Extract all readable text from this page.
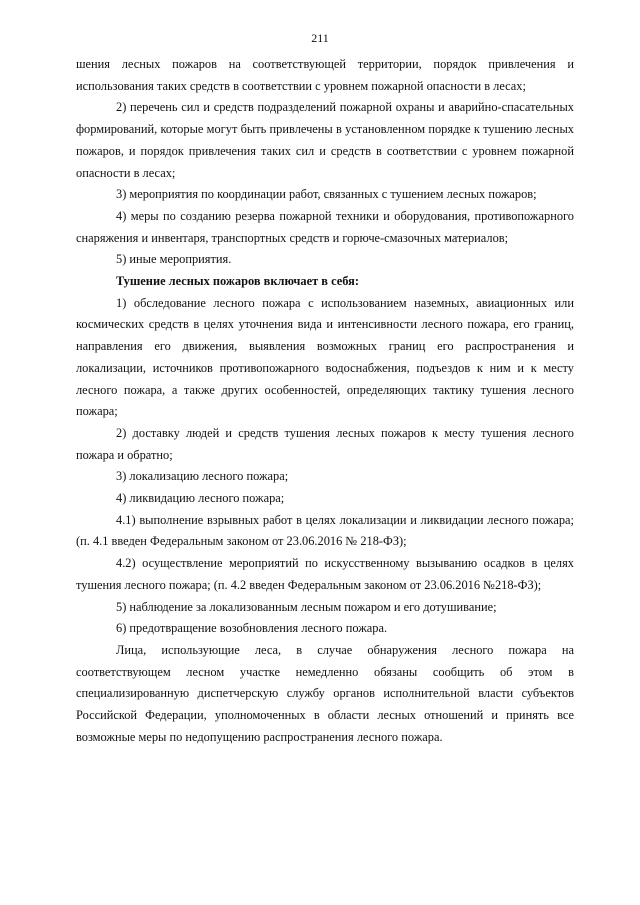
211

шения лесных пожаров на соответствующей территории, порядок привлечения и использования таких средств в соответствии с уровнем пожарной опасности в лесах;

2) перечень сил и средств подразделений пожарной охраны и аварийно-спасательных формирований, которые могут быть привлечены в установленном порядке к тушению лесных пожаров, и порядок привлечения таких сил и средств в соответствии с уровнем пожарной опасности в лесах;

3) мероприятия по координации работ, связанных с тушением лесных пожаров;

4) меры по созданию резерва пожарной техники и оборудования, противопожарного снаряжения и инвентаря, транспортных средств и горюче-смазочных материалов;

5) иные мероприятия.

Тушение лесных пожаров включает в себя:

1) обследование лесного пожара с использованием наземных, авиационных или космических средств в целях уточнения вида и интенсивности лесного пожара, его границ, направления его движения, выявления возможных границ его распространения и локализации, источников противопожарного водоснабжения, подъездов к ним и к месту лесного пожара, а также других особенностей, определяющих тактику тушения лесного пожара;

2) доставку людей и средств тушения лесных пожаров к месту тушения лесного пожара и обратно;

3) локализацию лесного пожара;

4) ликвидацию лесного пожара;

4.1) выполнение взрывных работ в целях локализации и ликвидации лесного пожара;(п. 4.1 введен Федеральным законом от 23.06.2016 № 218-ФЗ);

4.2) осуществление мероприятий по искусственному вызыванию осадков в целях тушения лесного пожара; (п. 4.2 введен Федеральным законом от 23.06.2016 №218-ФЗ);

5) наблюдение за локализованным лесным пожаром и его дотушивание;

6) предотвращение возобновления лесного пожара.

Лица, использующие леса, в случае обнаружения лесного пожара на соответствующем лесном участке немедленно обязаны сообщить об этом в специализированную диспетчерскую службу органов исполнительной власти субъектов Российской Федерации, уполномоченных в области лесных отношений и принять все возможные меры по недопущению распространения лесного пожара.
